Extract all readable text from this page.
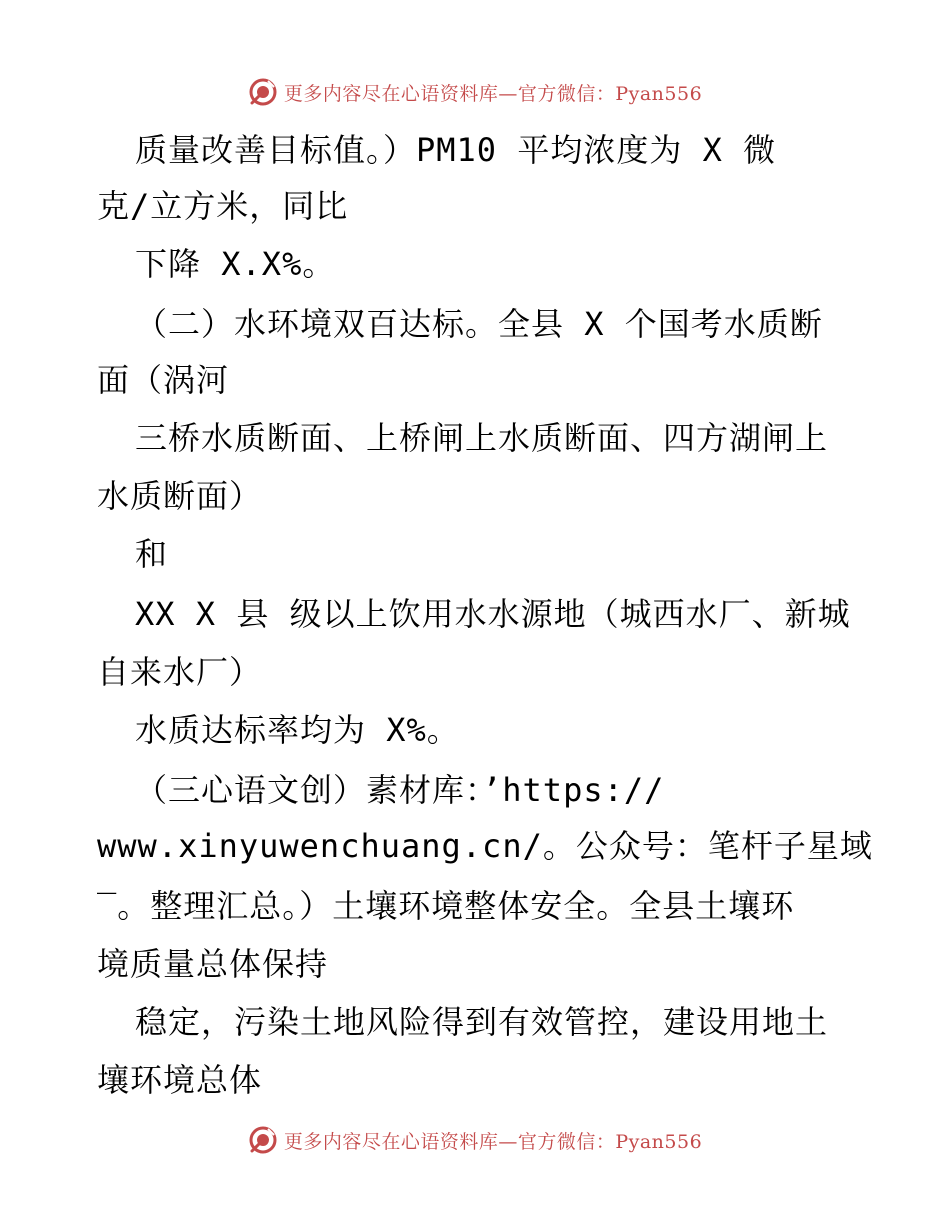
更多内容尽在心语资料库—官方微信：Pyan556
质量改善目标值。）PM10 平均浓度为 X 微
克/立方米，同比
下降 X.X%。
（二）水环境双百达标。全县 X 个国考水质断
面（涡河
三桥水质断面、上桥闸上水质断面、四方湖闸上
水质断面）
和
XX X 县 级以上饮用水水源地（城西水厂、新城
自来水厂）
水质达标率均为 X%。
（三心语文创）素材库：’https://
www.xinyuwenchuang.cn/。公众号：笔杆子星域
‾。整理汇总。）土壤环境整体安全。全县土壤环
境质量总体保持
稳定，污染土地风险得到有效管控，建设用地土
壤环境总体
更多内容尽在心语资料库—官方微信：Pyan556
